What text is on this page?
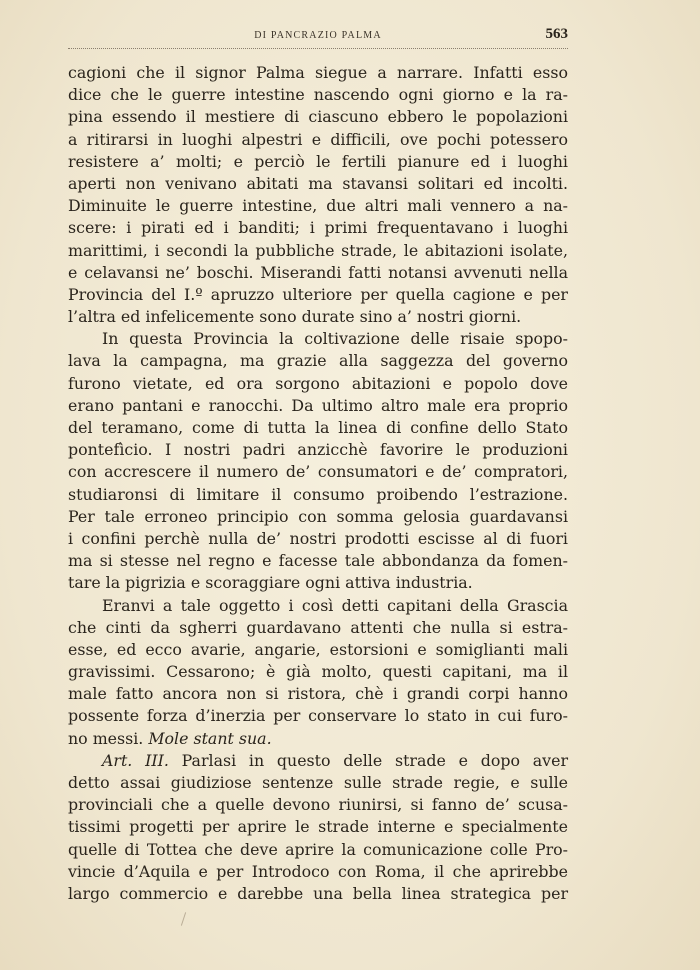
DI PANCRAZIO PALMA	563
cagioni che il signor Palma siegue a narrare. Infatti esso
dice che le guerre intestine nascendo ogni giorno e la ra-
pina essendo il mestiere di ciascuno ebbero le popolazioni
a ritirarsi in luoghi alpestri e difficili, ove pochi potessero
resistere a’ molti; e perciò le fertili pianure ed i luoghi
aperti non venivano abitati ma stavansi solitari ed incolti.
Diminuite le guerre intestine, due altri mali vennero a na-
scere: i pirati ed i banditi; i primi frequentavano i luoghi
marittimi, i secondi la pubbliche strade, le abitazioni isolate,
e celavansi ne’ boschi. Miserandi fatti notansi avvenuti nella
Provincia del I.º apruzzo ulteriore per quella cagione e per
l’altra ed infelicemente sono durate sino a’ nostri giorni.
In questa Provincia la coltivazione delle risaie spopo-
lava la campagna, ma grazie alla saggezza del governo
furono vietate, ed ora sorgono abitazioni e popolo dove
erano pantani e ranocchi. Da ultimo altro male era proprio
del teramano, come di tutta la linea di confine dello Stato
pontefìcio. I nostri padri anzicchè favorire le produzioni
con accrescere il numero de’ consumatori e de’ compratori,
studiaronsi di limitare il consumo proibendo l’estrazione.
Per tale erroneo principio con somma gelosia guardavansi
i confini perchè nulla de’ nostri prodotti escisse al di fuori
ma si stesse nel regno e facesse tale abbondanza da fomen-
tare la pigrizia e scoraggiare ogni attiva industria.
Eranvi a tale oggetto i così detti capitani della Grascia
che cinti da sgherri guardavano attenti che nulla si estra-
esse, ed ecco avarie, angarie, estorsioni e somiglianti mali
gravissimi. Cessarono; è già molto, questi capitani, ma il
male fatto ancora non si ristora, chè i grandi corpi hanno
possente forza d’inerzia per conservare lo stato in cui furo-
no messi. Mole stant sua.
Art. III. Parlasi in questo delle strade e dopo aver
detto assai giudiziose sentenze sulle strade regie, e sulle
provinciali che a quelle devono riunirsi, si fanno de’ scusa-
tissimi progetti per aprire le strade interne e specialmente
quelle di Tottea che deve aprire la comunicazione colle Pro-
vincie d’Aquila e per Introdoco con Roma, il che aprirebbe
largo commercio e darebbe una bella linea strategica per
